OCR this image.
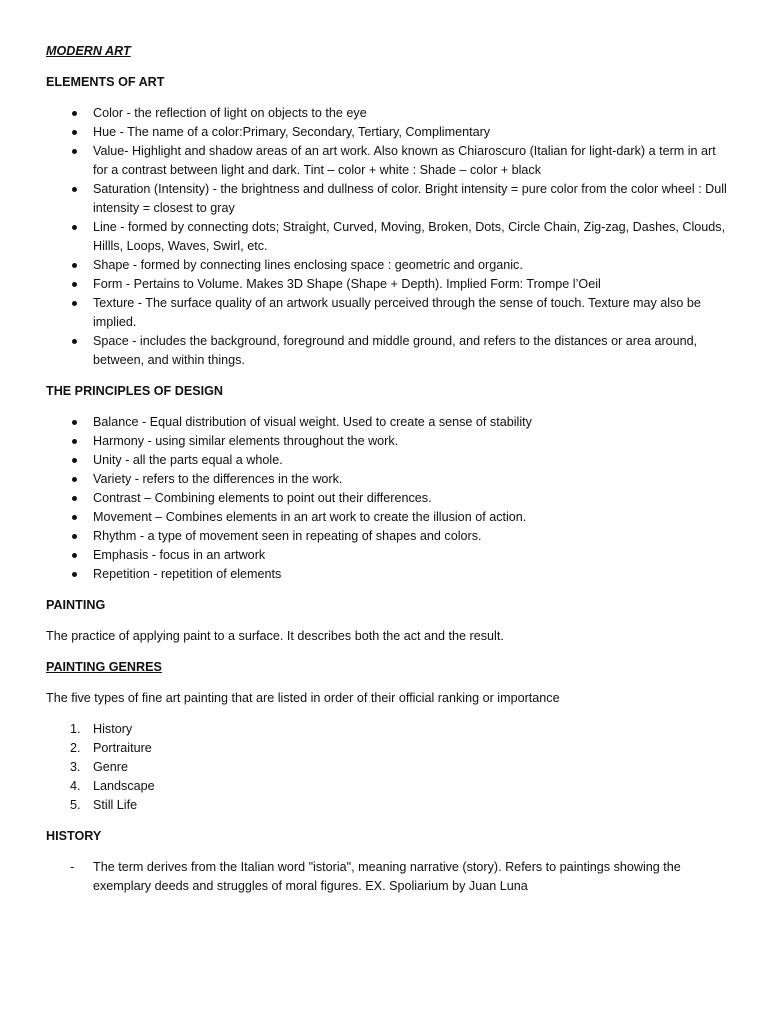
MODERN ART

ELEMENTS OF ART

Color - the reflection of light on objects to the eye
Hue - The name of a color:Primary, Secondary, Tertiary, Complimentary
Value- Highlight and shadow areas of an art work. Also known as Chiaroscuro (Italian for light-dark) a term in art for a contrast between light and dark. Tint – color + white : Shade – color + black
Saturation (Intensity) - the brightness and dullness of color. Bright intensity = pure color from the color wheel : Dull intensity = closest to gray
Line - formed by connecting dots; Straight, Curved, Moving, Broken, Dots, Circle Chain, Zig-zag, Dashes, Clouds, Hillls, Loops, Waves, Swirl, etc.
Shape - formed by connecting lines enclosing space : geometric and organic.
Form - Pertains to Volume. Makes 3D Shape (Shape + Depth). Implied Form: Trompe l’Oeil
Texture - The surface quality of an artwork usually perceived through the sense of touch. Texture may also be implied.
Space - includes the background, foreground and middle ground, and refers to the distances or area around, between, and within things.

THE PRINCIPLES OF DESIGN

Balance - Equal distribution of visual weight. Used to create a sense of stability
Harmony - using similar elements throughout the work.
Unity - all the parts equal a whole.
Variety - refers to the differences in the work.
Contrast – Combining elements to point out their differences.
Movement – Combines elements in an art work to create the illusion of action.
Rhythm - a type of movement seen in repeating of shapes and colors.
Emphasis - focus in an artwork
Repetition - repetition of elements

PAINTING

The practice of applying paint to a surface. It describes both the act and the result.

PAINTING GENRES

The five types of fine art painting that are listed in order of their official ranking or importance

1. History
2. Portraiture
3. Genre
4. Landscape
5. Still Life

HISTORY

- The term derives from the Italian word "istoria", meaning narrative (story). Refers to paintings showing the exemplary deeds and struggles of moral figures. EX. Spoliarium by Juan Luna
